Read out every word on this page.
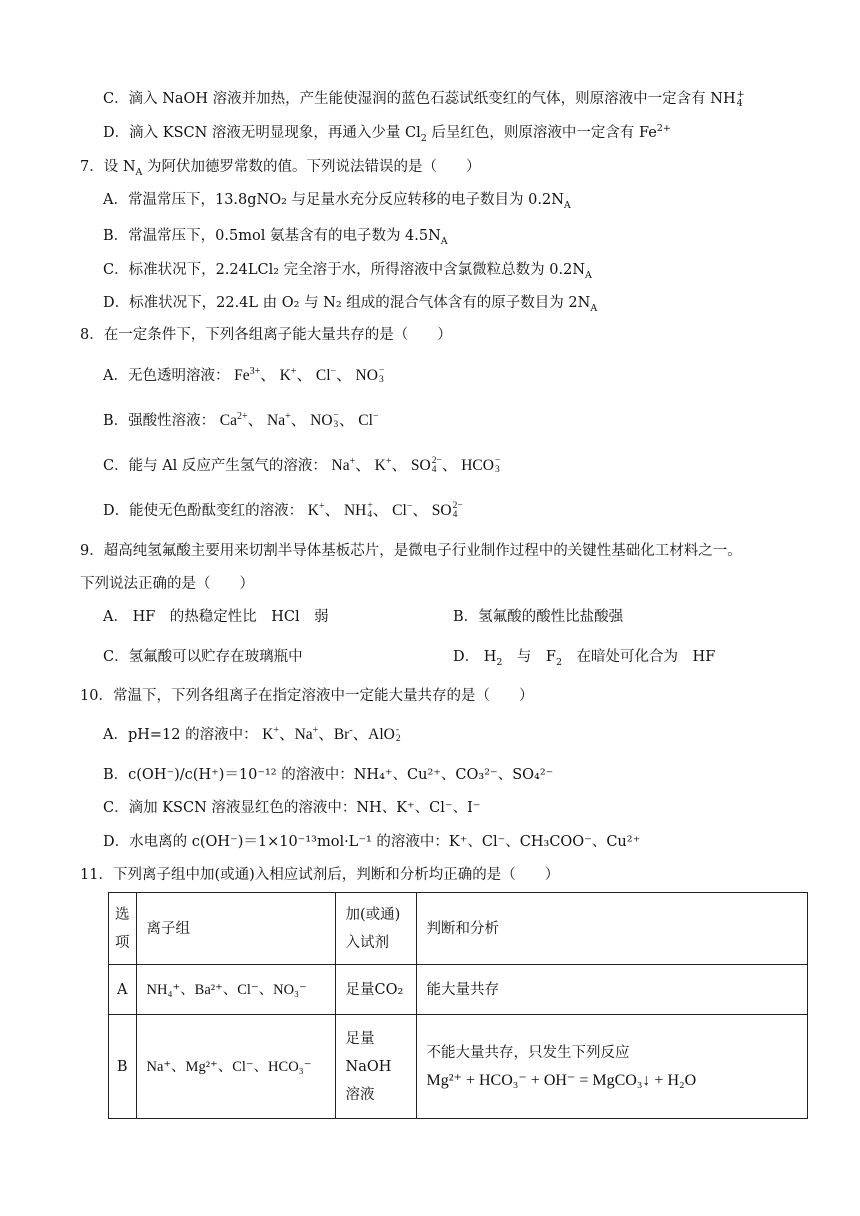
C．滴入 NaOH 溶液并加热，产生能使湿润的蓝色石蕊试纸变红的气体，则原溶液中一定含有 NH +
4
D．滴入 KSCN 溶液无明显现象，再通入少量 $Cl_2$ 后呈红色，则原溶液中一定含有 $Fe^{2+}$
7．设 $N_A$ 为阿伏加德罗常数的值。下列说法错误的是（　　）
A．常温常压下，13.8gNO₂ 与足量水充分反应转移的电子数目为 $0.2N_A$
B．常温常压下，0.5mol 氨基含有的电子数为 $4.5N_A$
C．标准状况下，2.24LCl₂ 完全溶于水，所得溶液中含氯微粒总数为 $0.2N_A$
D．标准状况下，22.4L 由 O₂ 与 N₂ 组成的混合气体含有的原子数目为 $2N_A$
8．在一定条件下，下列各组离子能大量共存的是（　　）
A．无色透明溶液： $Fe^{3+}$、 K+、 Cl−、 NO −
3
B．强酸性溶液： $Ca^{2+}$、 Na+、 NO −
3 、 Cl−
C．能与 Al 反应产生氢气的溶液： Na+、 K+、 SO 2−
4 、 HCO −
3
D．能使无色酚酞变红的溶液： K+、 NH +
4 、 Cl−、 SO 2−
4
9．超高纯氢氟酸主要用来切割半导体基板芯片，是微电子行业制作过程中的关键性基础化工材料之一。
下列说法正确的是（　　）
A． HF　的热稳定性比　HCl　弱	B．氢氟酸的酸性比盐酸强
C．氢氟酸可以贮存在玻璃瓶中	D． $H_2$　与　$F_2$　在暗处可化合为　HF
10．常温下，下列各组离子在指定溶液中一定能大量共存的是（　　）
A．pH=12 的溶液中： K+、Na+、Br-、AlO -
2
B．c(OH⁻)/c(H⁺)＝10⁻¹² 的溶液中：NH₄⁺、Cu²⁺、CO₃²⁻、SO₄²⁻
C．滴加 KSCN 溶液显红色的溶液中：NH、K⁺、Cl⁻、I⁻
D．水电离的 c(OH⁻)＝1×10⁻¹³mol·L⁻¹ 的溶液中：K⁺、Cl⁻、CH₃COO⁻、Cu²⁺
11．下列离子组中加(或通)入相应试剂后，判断和分析均正确的是（　　）
选项	离子组	加(或通)入试剂	判断和分析
A	NH₄⁺、Ba²⁺、Cl⁻、NO₃⁻	足量CO₂	能大量共存
B	Na⁺、Mg²⁺、Cl⁻、HCO₃⁻	足量NaOH溶液	不能大量共存，只发生下列反应
Mg²⁺ + HCO₃⁻ + OH⁻ = MgCO₃↓ + H₂O
